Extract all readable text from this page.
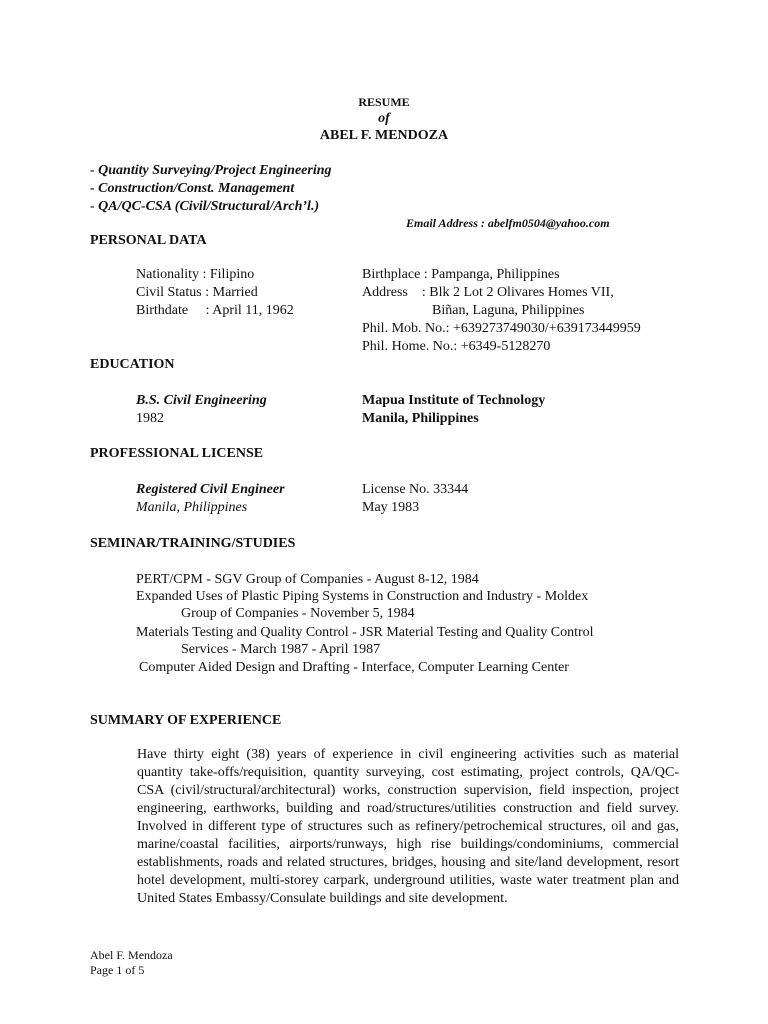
RESUME
of
ABEL F. MENDOZA
- Quantity Surveying/Project Engineering
- Construction/Const. Management
- QA/QC-CSA (Civil/Structural/Arch’l.)
Email Address : abelfm0504@yahoo.com
PERSONAL DATA
Nationality : Filipino
Civil Status : Married
Birthdate     : April 11, 1962
Birthplace : Pampanga, Philippines
Address    : Blk 2 Lot 2 Olivares Homes VII,
Biñan, Laguna, Philippines
Phil. Mob. No.: +639273749030/+639173449959
Phil. Home. No.: +6349-5128270
EDUCATION
B.S. Civil Engineering
1982
Mapua Institute of Technology
Manila, Philippines
PROFESSIONAL LICENSE
Registered Civil Engineer
Manila, Philippines
License No. 33344
May 1983
SEMINAR/TRAINING/STUDIES
PERT/CPM - SGV Group of Companies - August 8-12, 1984
Expanded Uses of Plastic Piping Systems in Construction and Industry - Moldex
Group of Companies - November 5, 1984
Materials Testing and Quality Control - JSR Material Testing and Quality Control
Services - March 1987 - April 1987
Computer Aided Design and Drafting - Interface, Computer Learning Center
SUMMARY OF EXPERIENCE
Have thirty eight (38) years of experience in civil engineering activities such as material quantity take-offs/requisition, quantity surveying, cost estimating, project controls, QA/QC-CSA (civil/structural/architectural) works, construction supervision, field inspection, project engineering, earthworks, building and road/structures/utilities construction and field survey. Involved in different type of structures such as refinery/petrochemical structures, oil and gas, marine/coastal facilities, airports/runways, high rise buildings/condominiums, commercial establishments, roads and related structures, bridges, housing and site/land development, resort hotel development, multi-storey carpark, underground utilities, waste water treatment plan and United States Embassy/Consulate buildings and site development.
Abel F. Mendoza
Page 1 of 5
